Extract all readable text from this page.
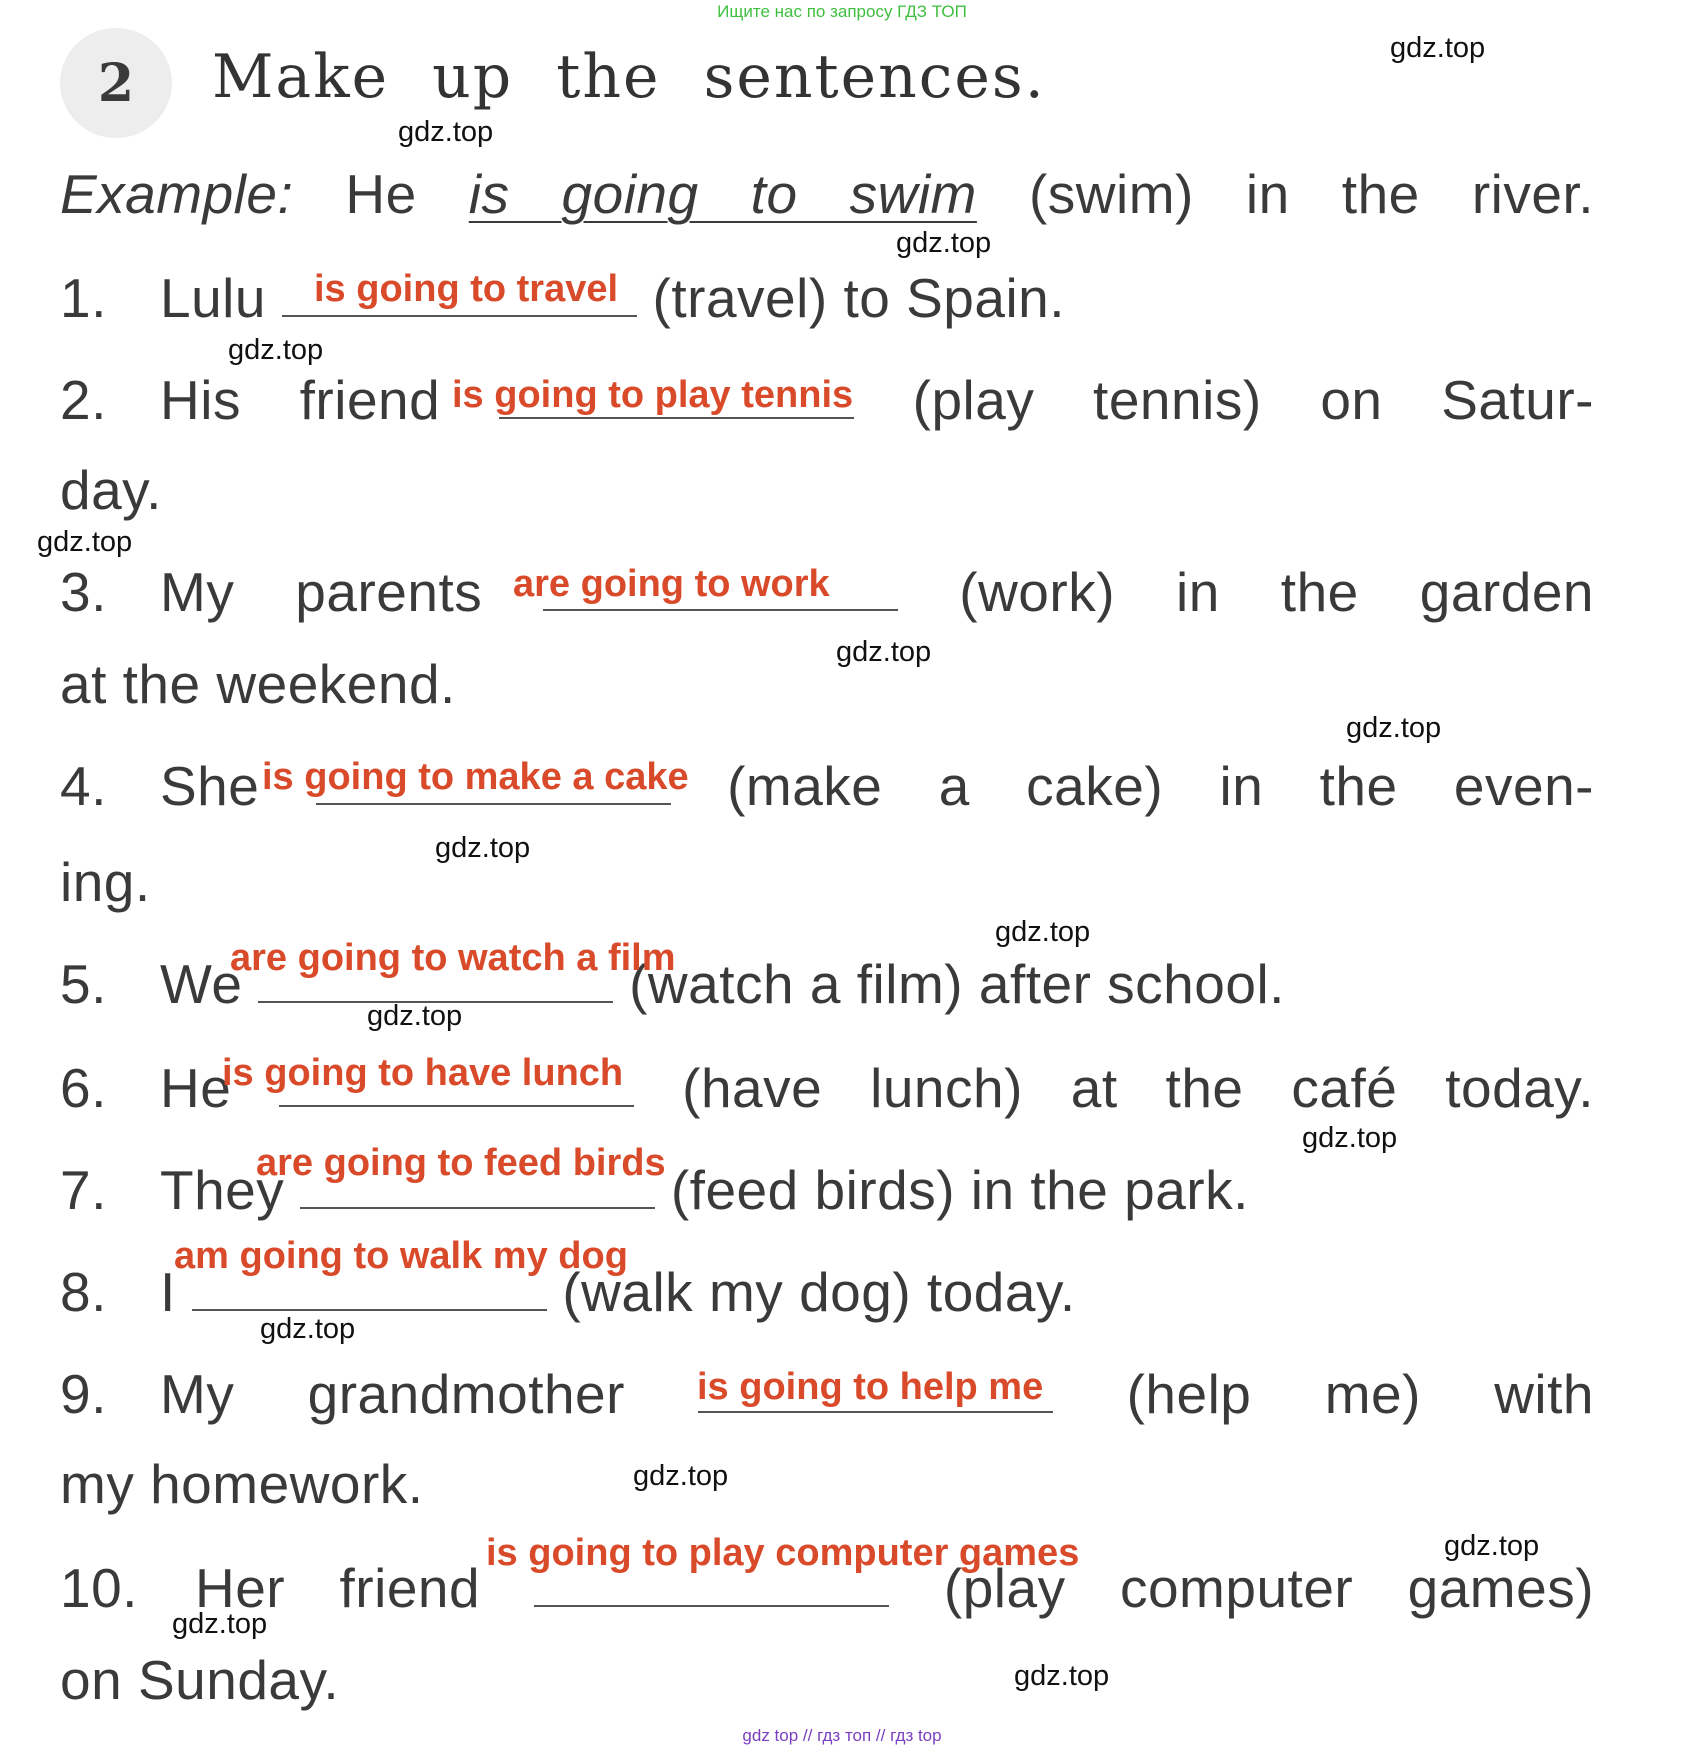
Ищите нас по запросу ГДЗ ТОП
2	Make up the sentences.
Example: He is going to swim (swim) in the river.
1. Lulu	(travel) to Spain.
is going to travel
2. His friend	(play tennis) on Satur-
day.
is going to play tennis
3. My parents	(work) in the garden
at the weekend.
are going to work
4. She	(make a cake) in the even-
ing.
is going to make a cake
5. We	(watch a film) after school.
are going to watch a film
6. He	(have lunch) at the café today.
is going to have lunch
7. They	(feed birds) in the park.
are going to feed birds
8. I	(walk my dog) today.
am going to walk my dog
9. My grandmother	(help me) with
my homework.
is going to help me
10. Her friend	(play computer games)
on Sunday.
is going to play computer games
gdz.top
gdz.top
gdz.top
gdz.top
gdz.top
gdz.top
gdz.top
gdz.top
gdz.top
gdz.top
gdz.top
gdz.top
gdz.top
gdz.top
gdz.top
gdz.top
gdz top // гдз топ // гдз top
